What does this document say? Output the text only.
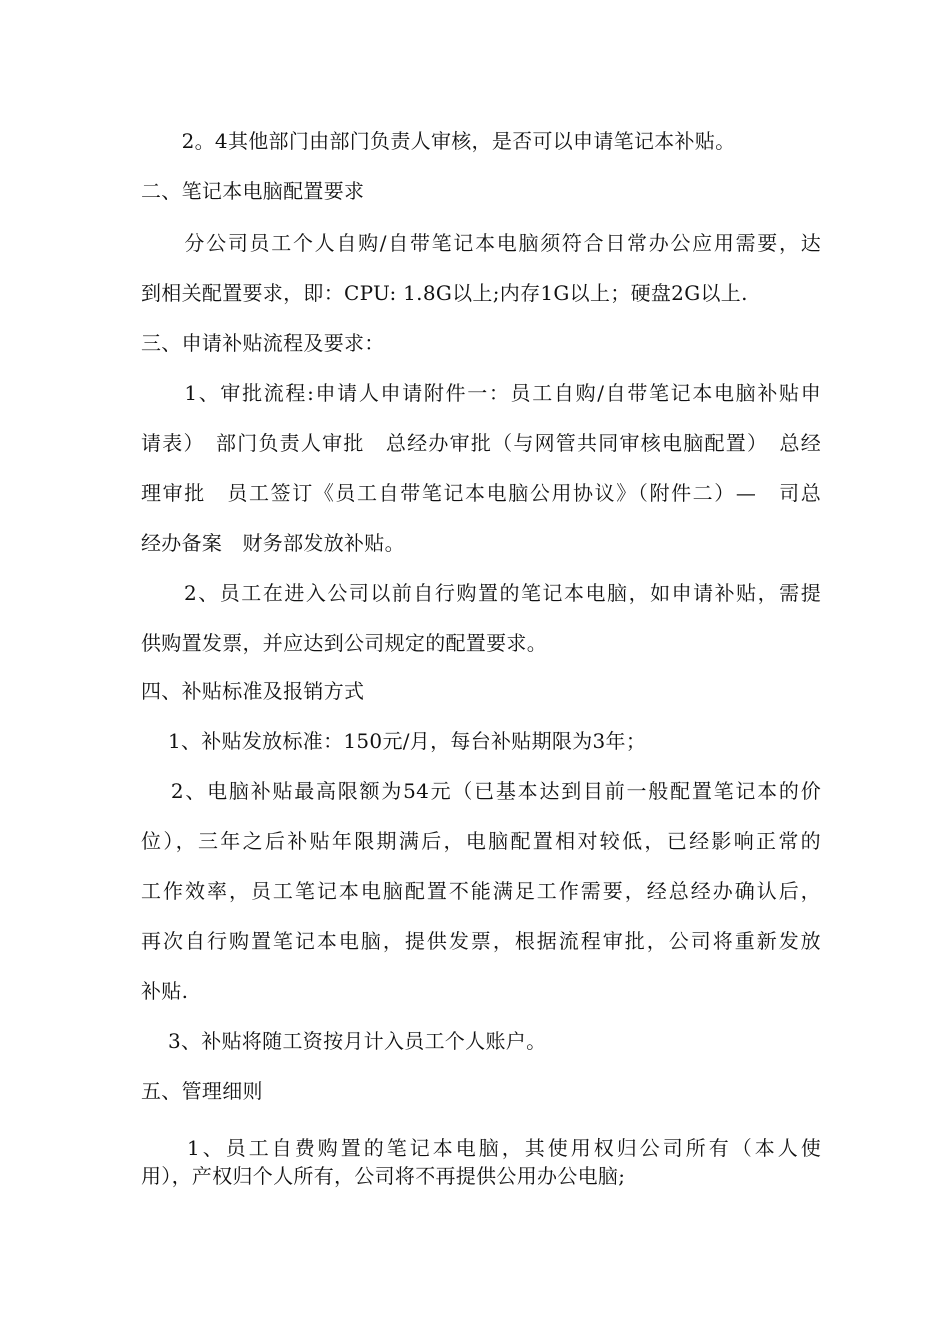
　　2。4其他部门由部门负责人审核，是否可以申请笔记本补贴。

二、笔记本电脑配置要求

　　分公司员工个人自购/自带笔记本电脑须符合日常办公应用需要，达
到相关配置要求，即：CPU: 1.8G以上;内存1G以上；硬盘2G以上.

三、申请补贴流程及要求：

　　1、审批流程:申请人申请附件一：员工自购/自带笔记本电脑补贴申
请表）　部门负责人审批　总经办审批（与网管共同审核电脑配置）　总经
理审批　员工签订《员工自带笔记本电脑公用协议》（附件二）—　司总
经办备案　财务部发放补贴。

　　2、员工在进入公司以前自行购置的笔记本电脑，如申请补贴，需提
供购置发票，并应达到公司规定的配置要求。

四、补贴标准及报销方式

　 1、补贴发放标准：150元/月，每台补贴期限为3年；

　 2、电脑补贴最高限额为54元（已基本达到目前一般配置笔记本的价
位），三年之后补贴年限期满后，电脑配置相对较低，已经影响正常的
工作效率，员工笔记本电脑配置不能满足工作需要，经总经办确认后，
再次自行购置笔记本电脑，提供发票，根据流程审批，公司将重新发放
补贴.

　 3、补贴将随工资按月计入员工个人账户。

五、管理细则

　　1、员工自费购置的笔记本电脑，其使用权归公司所有（本人使
用），产权归个人所有，公司将不再提供公用办公电脑;
